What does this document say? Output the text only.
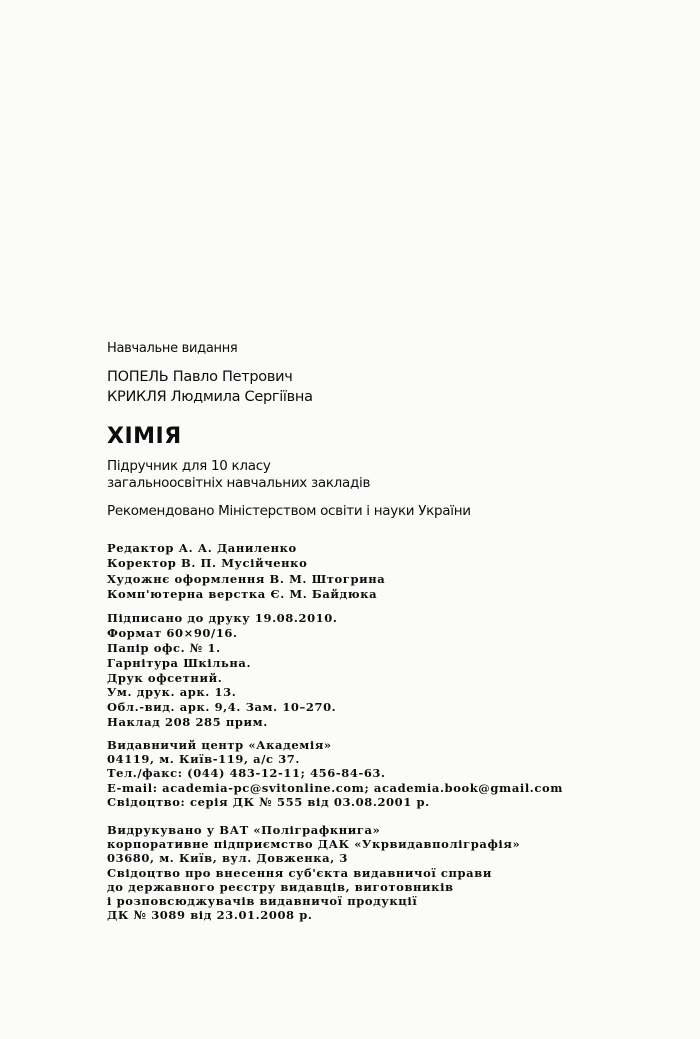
Навчальне видання
ПОПЕЛЬ Павло Петрович
КРИКЛЯ Людмила Сергіївна
ХІМІЯ
Підручник для 10 класу
загальноосвітніх навчальних закладів
Рекомендовано Міністерством освіти і науки України
Редактор А. А. Даниленко
Коректор В. П. Мусійченко
Художнє оформлення В. М. Штогрина
Комп'ютерна верстка Є. М. Байдюка
Підписано до друку 19.08.2010.
Формат 60×90/16.
Папір офс. № 1.
Гарнітура Шкільна.
Друк офсетний.
Ум. друк. арк. 13.
Обл.-вид. арк. 9,4. Зам. 10–270.
Наклад 208 285 прим.
Видавничий центр «Академія»
04119, м. Київ-119, а/с 37.
Тел./факс: (044) 483-12-11; 456-84-63.
E-mail: academia-pc@svitonline.com; academia.book@gmail.com
Свідоцтво: серія ДК № 555 від 03.08.2001 р.
Видрукувано у ВАТ «Поліграфкнига»
корпоративне підприємство ДАК «Укрвидавполіграфія»
03680, м. Київ, вул. Довженка, 3
Свідоцтво про внесення суб'єкта видавничої справи
до державного реєстру видавців, виготовників
і розповсюджувачів видавничої продукції
ДК № 3089 від 23.01.2008 р.
